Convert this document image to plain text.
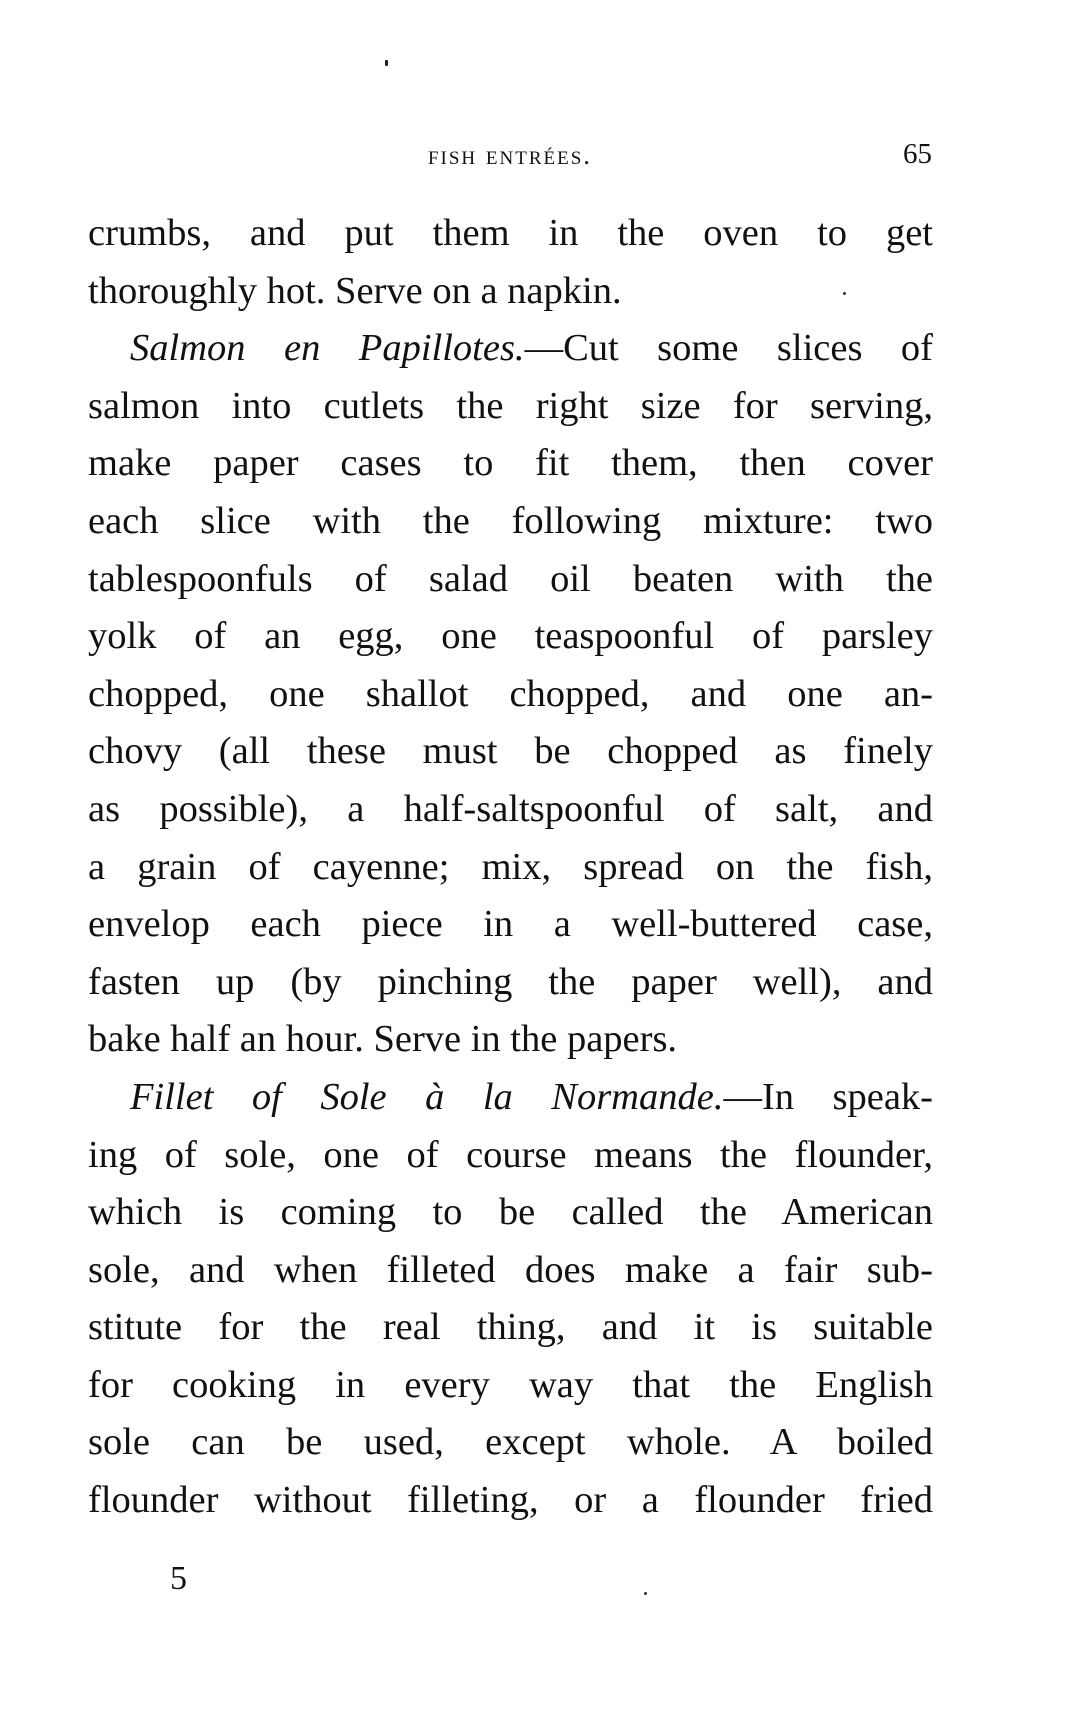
fish entrées.	65
crumbs, and put them in the oven to get
thoroughly hot. Serve on a napkin.
Salmon en Papillotes.—Cut some slices of
salmon into cutlets the right size for serving,
make paper cases to fit them, then cover
each slice with the following mixture: two
tablespoonfuls of salad oil beaten with the
yolk of an egg, one teaspoonful of parsley
chopped, one shallot chopped, and one an-
chovy (all these must be chopped as finely
as possible), a half-saltspoonful of salt, and
a grain of cayenne; mix, spread on the fish,
envelop each piece in a well-buttered case,
fasten up (by pinching the paper well), and
bake half an hour. Serve in the papers.
Fillet of Sole à la Normande.—In speak-
ing of sole, one of course means the flounder,
which is coming to be called the American
sole, and when filleted does make a fair sub-
stitute for the real thing, and it is suitable
for cooking in every way that the English
sole can be used, except whole. A boiled
flounder without filleting, or a flounder fried
5
